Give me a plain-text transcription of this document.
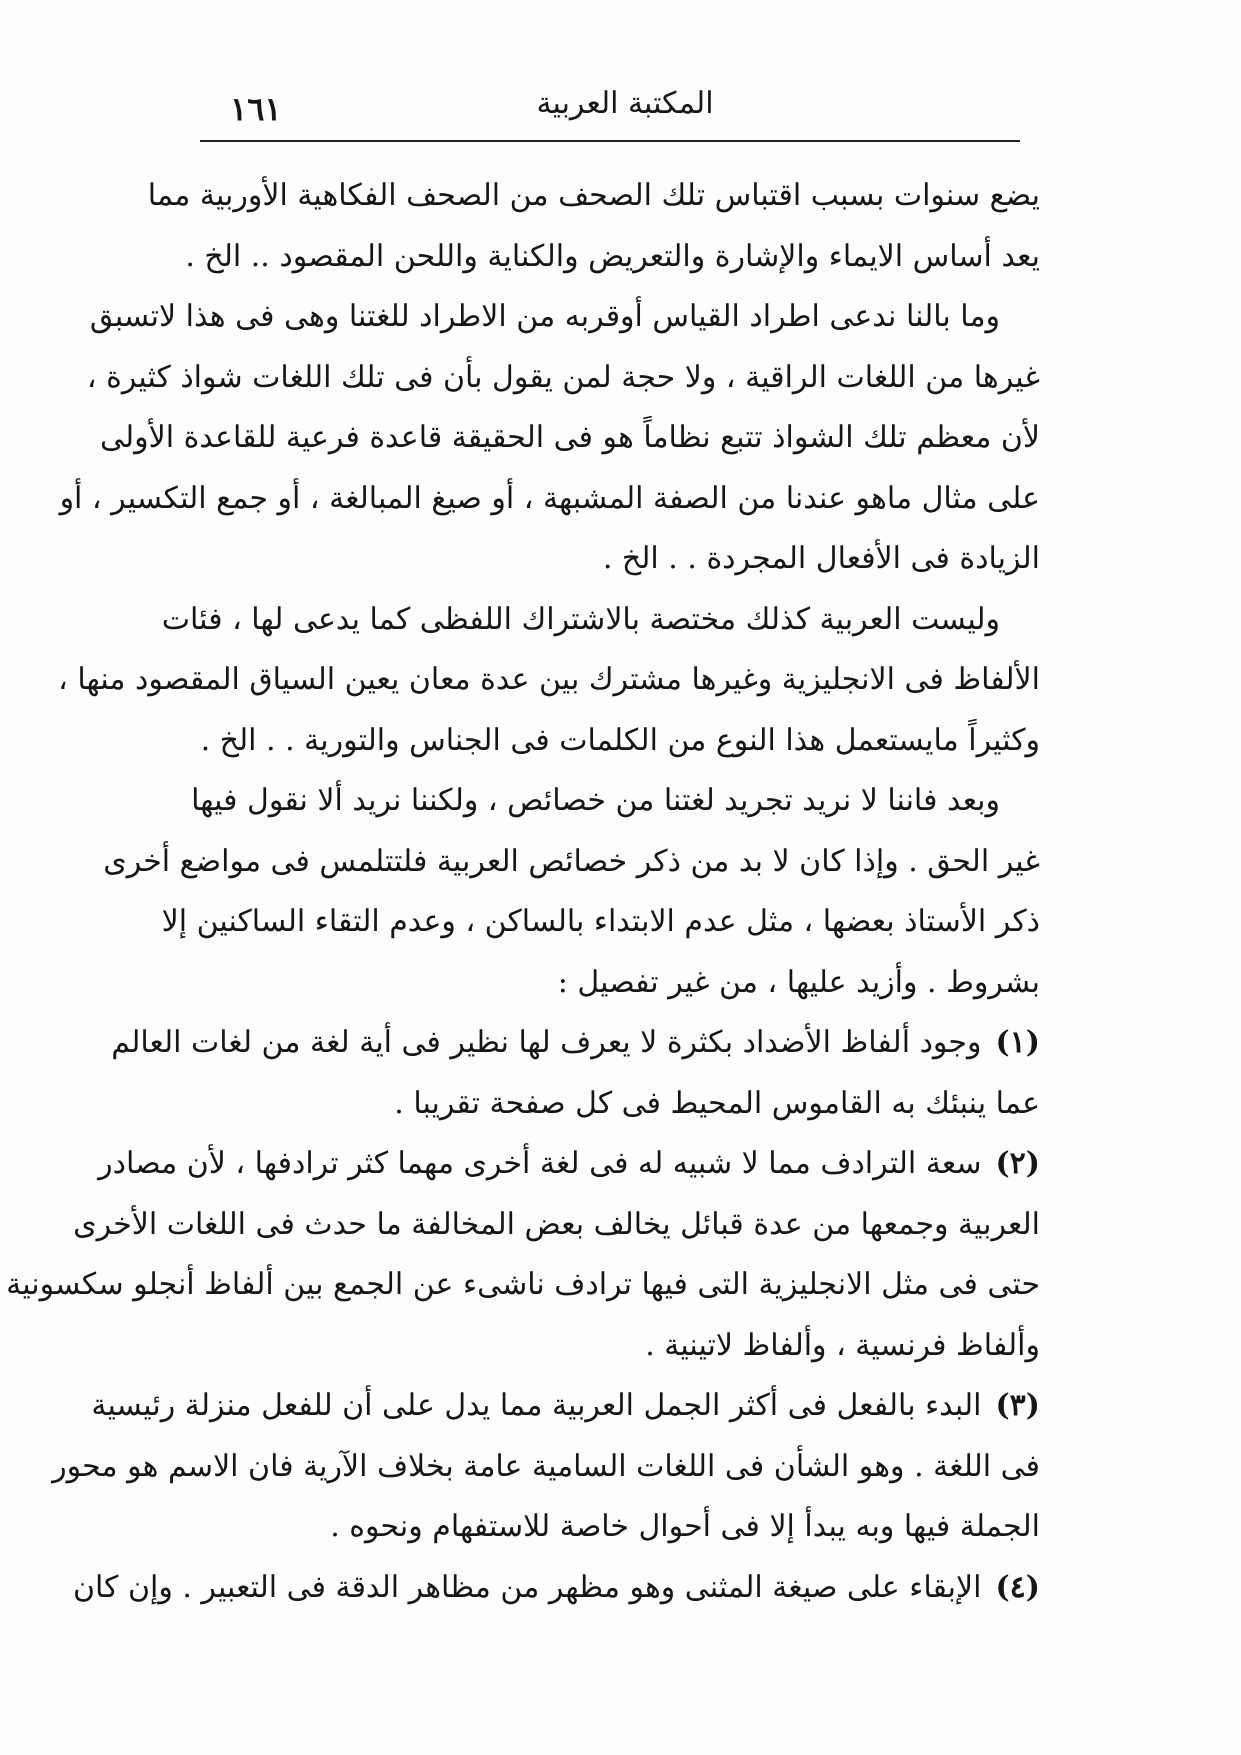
١٦١	المكتبة العربية
يضع سنوات بسبب اقتباس تلك الصحف من الصحف الفكاهية الأوربية مما
يعد أساس الايماء والإشارة والتعريض والكناية واللحن المقصود .. الخ .
وما بالنا ندعى اطراد القياس أوقربه من الاطراد للغتنا وهى فى هذا لاتسبق
غيرها من اللغات الراقية ، ولا حجة لمن يقول بأن فى تلك اللغات شواذ كثيرة ،
لأن معظم تلك الشواذ تتبع نظاماً هو فى الحقيقة قاعدة فرعية للقاعدة الأولى
على مثال ماهو عندنا من الصفة المشبهة ، أو صيغ المبالغة ، أو جمع التكسير ، أو
الزيادة فى الأفعال المجردة . . الخ .
وليست العربية كذلك مختصة بالاشتراك اللفظى كما يدعى لها ، فئات
الألفاظ فى الانجليزية وغيرها مشترك بين عدة معان يعين السياق المقصود منها ،
وكثيراً مايستعمل هذا النوع من الكلمات فى الجناس والتورية . . الخ .
وبعد فاننا لا نريد تجريد لغتنا من خصائص ، ولكننا نريد ألا نقول فيها
غير الحق . وإذا كان لا بد من ذكر خصائص العربية فلتتلمس فى مواضع أخرى
ذكر الأستاذ بعضها ، مثل عدم الابتداء بالساكن ، وعدم التقاء الساكنين إلا
بشروط . وأزيد عليها ، من غير تفصيل :
(١)وجود ألفاظ الأضداد بكثرة لا يعرف لها نظير فى أية لغة من لغات العالم
عما ينبئك به القاموس المحيط فى كل صفحة تقريبا .
(٢)سعة الترادف مما لا شبيه له فى لغة أخرى مهما كثر ترادفها ، لأن مصادر
العربية وجمعها من عدة قبائل يخالف بعض المخالفة ما حدث فى اللغات الأخرى
حتى فى مثل الانجليزية التى فيها ترادف ناشىء عن الجمع بين ألفاظ أنجلو سكسونية
وألفاظ فرنسية ، وألفاظ لاتينية .
(٣)البدء بالفعل فى أكثر الجمل العربية مما يدل على أن للفعل منزلة رئيسية
فى اللغة . وهو الشأن فى اللغات السامية عامة بخلاف الآرية فان الاسم هو محور
الجملة فيها وبه يبدأ إلا فى أحوال خاصة للاستفهام ونحوه .
(٤)الإبقاء على صيغة المثنى وهو مظهر من مظاهر الدقة فى التعبير . وإن كان
